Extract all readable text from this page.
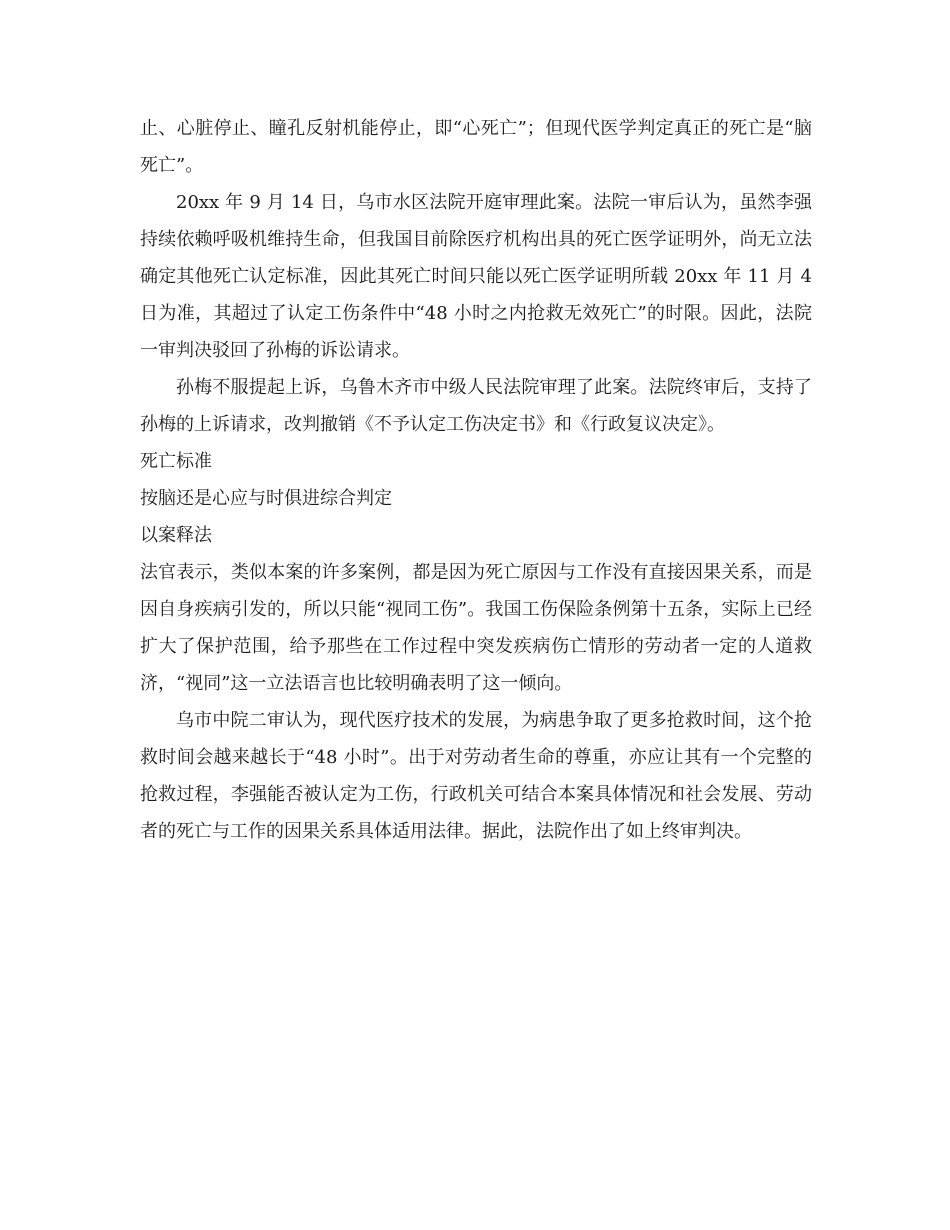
止、心脏停止、瞳孔反射机能停止，即“心死亡”；但现代医学判定真正的死亡是“脑死亡”。

20xx 年 9 月 14 日，乌市水区法院开庭审理此案。法院一审后认为，虽然李强持续依赖呼吸机维持生命，但我国目前除医疗机构出具的死亡医学证明外，尚无立法确定其他死亡认定标准，因此其死亡时间只能以死亡医学证明所载 20xx 年 11 月 4 日为准，其超过了认定工伤条件中“48 小时之内抢救无效死亡”的时限。因此，法院一审判决驳回了孙梅的诉讼请求。

孙梅不服提起上诉，乌鲁木齐市中级人民法院审理了此案。法院终审后，支持了孙梅的上诉请求，改判撤销《不予认定工伤决定书》和《行政复议决定》。

死亡标准

按脑还是心应与时俱进综合判定

以案释法

法官表示，类似本案的许多案例，都是因为死亡原因与工作没有直接因果关系，而是因自身疾病引发的，所以只能“视同工伤”。我国工伤保险条例第十五条，实际上已经扩大了保护范围，给予那些在工作过程中突发疾病伤亡情形的劳动者一定的人道救济，“视同”这一立法语言也比较明确表明了这一倾向。

乌市中院二审认为，现代医疗技术的发展，为病患争取了更多抢救时间，这个抢救时间会越来越长于“48 小时”。出于对劳动者生命的尊重，亦应让其有一个完整的抢救过程，李强能否被认定为工伤，行政机关可结合本案具体情况和社会发展、劳动者的死亡与工作的因果关系具体适用法律。据此，法院作出了如上终审判决。
